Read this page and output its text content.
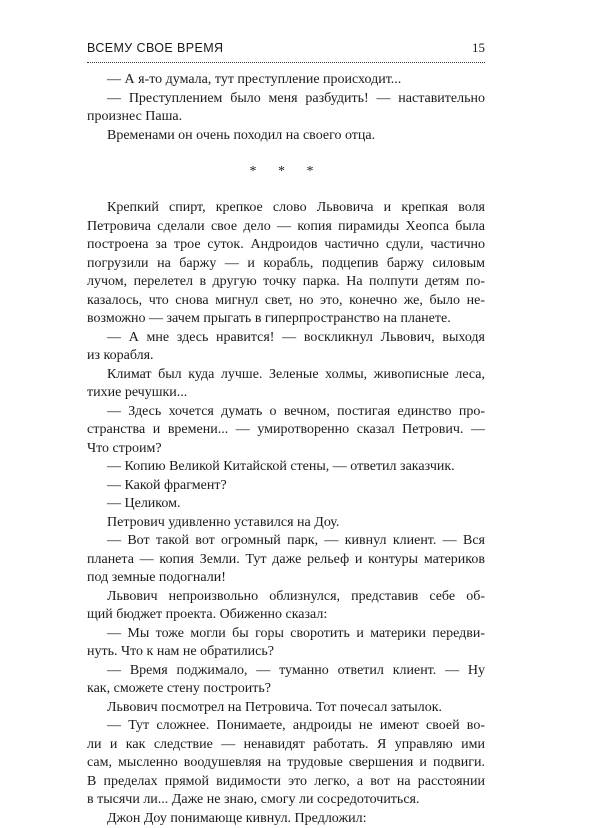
ВСЕМУ СВОЕ ВРЕМЯ	15

— А я-то думала, тут преступление происходит...

— Преступлением было меня разбудить! — наставительно
произнес Паша.

Временами он очень походил на своего отца.

* * *

Крепкий спирт, крепкое слово Львовича и крепкая воля
Петровича сделали свое дело — копия пирамиды Хеопса была
построена за трое суток. Андроидов частично сдули, частично
погрузили на баржу — и корабль, подцепив баржу силовым
лучом, перелетел в другую точку парка. На полпути детям по-
казалось, что снова мигнул свет, но это, конечно же, было не-
возможно — зачем прыгать в гиперпространство на планете.

— А мне здесь нравится! — воскликнул Львович, выходя
из корабля.

Климат был куда лучше. Зеленые холмы, живописные леса,
тихие речушки...

— Здесь хочется думать о вечном, постигая единство про-
странства и времени... — умиротворенно сказал Петрович. —
Что строим?

— Копию Великой Китайской стены, — ответил заказчик.

— Какой фрагмент?

— Целиком.

Петрович удивленно уставился на Доу.

— Вот такой вот огромный парк, — кивнул клиент. — Вся
планета — копия Земли. Тут даже рельеф и контуры материков
под земные подогнали!

Львович непроизвольно облизнулся, представив себе об-
щий бюджет проекта. Обиженно сказал:

— Мы тоже могли бы горы своротить и материки передви-
нуть. Что к нам не обратились?

— Время поджимало, — туманно ответил клиент. — Ну
как, сможете стену построить?

Львович посмотрел на Петровича. Тот почесал затылок.

— Тут сложнее. Понимаете, андроиды не имеют своей во-
ли и как следствие — ненавидят работать. Я управляю ими
сам, мысленно воодушевляя на трудовые свершения и подвиги.
В пределах прямой видимости это легко, а вот на расстоянии
в тысячи ли... Даже не знаю, смогу ли сосредоточиться.

Джон Доу понимающе кивнул. Предложил:
